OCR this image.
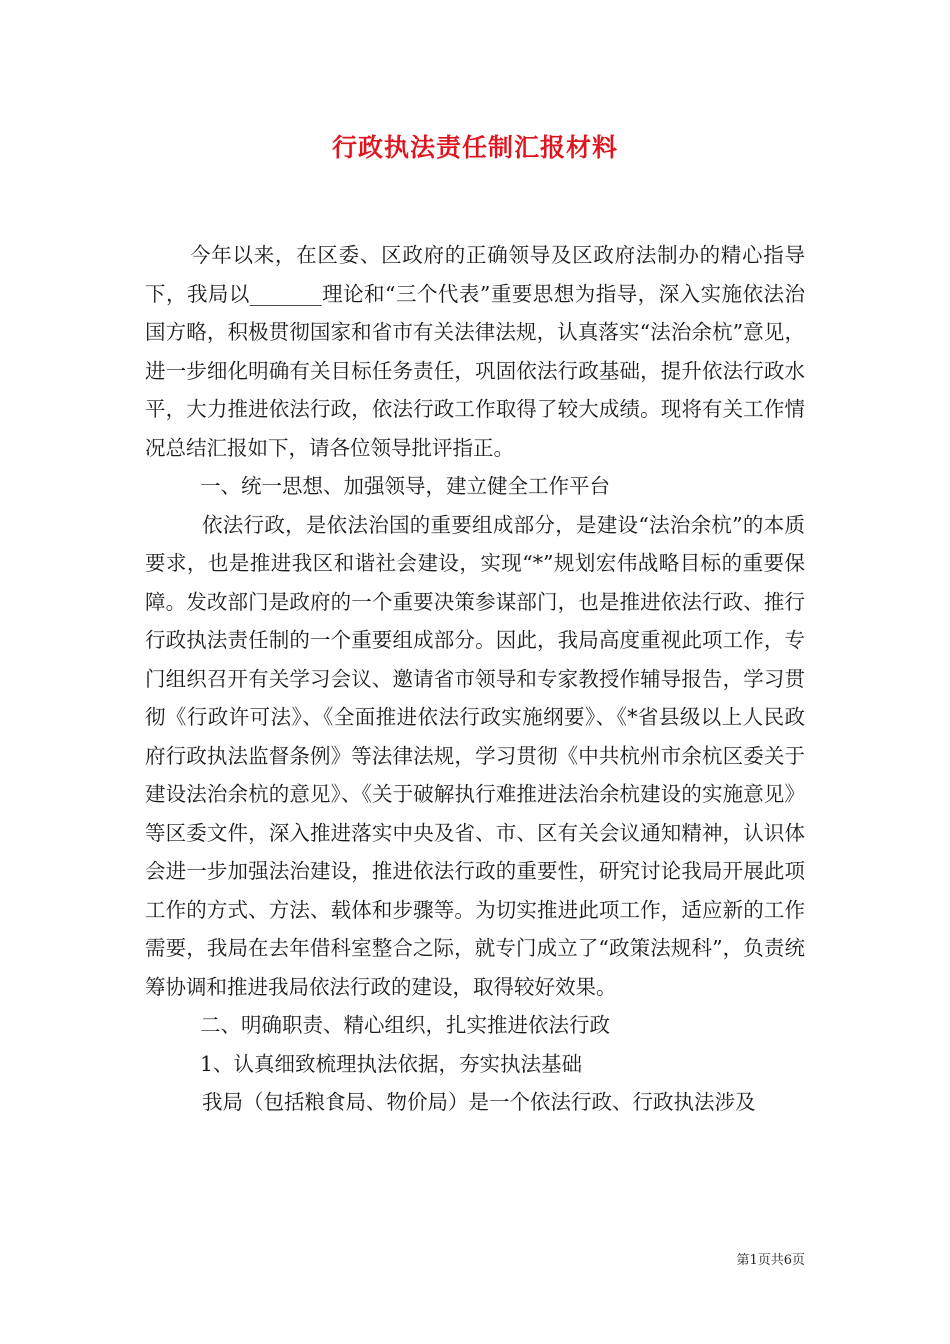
行政执法责任制汇报材料

今年以来，在区委、区政府的正确领导及区政府法制办的精心指导下，我局以_______理论和“三个代表”重要思想为指导，深入实施依法治国方略，积极贯彻国家和省市有关法律法规，认真落实“法治余杭”意见，进一步细化明确有关目标任务责任，巩固依法行政基础，提升依法行政水平，大力推进依法行政，依法行政工作取得了较大成绩。现将有关工作情况总结汇报如下，请各位领导批评指正。

一、统一思想、加强领导，建立健全工作平台

依法行政，是依法治国的重要组成部分，是建设“法治余杭”的本质要求，也是推进我区和谐社会建设，实现“*”规划宏伟战略目标的重要保障。发改部门是政府的一个重要决策参谋部门，也是推进依法行政、推行行政执法责任制的一个重要组成部分。因此，我局高度重视此项工作，专门组织召开有关学习会议、邀请省市领导和专家教授作辅导报告，学习贯彻《行政许可法》、《全面推进依法行政实施纲要》、《*省县级以上人民政府行政执法监督条例》等法律法规，学习贯彻《中共杭州市余杭区委关于建设法治余杭的意见》、《关于破解执行难推进法治余杭建设的实施意见》等区委文件，深入推进落实中央及省、市、区有关会议通知精神，认识体会进一步加强法治建设，推进依法行政的重要性，研究讨论我局开展此项工作的方式、方法、载体和步骤等。为切实推进此项工作，适应新的工作需要，我局在去年借科室整合之际，就专门成立了“政策法规科”，负责统筹协调和推进我局依法行政的建设，取得较好效果。

二、明确职责、精心组织，扎实推进依法行政

1、认真细致梳理执法依据，夯实执法基础

我局（包括粮食局、物价局）是一个依法行政、行政执法涉及

第1页共6页
